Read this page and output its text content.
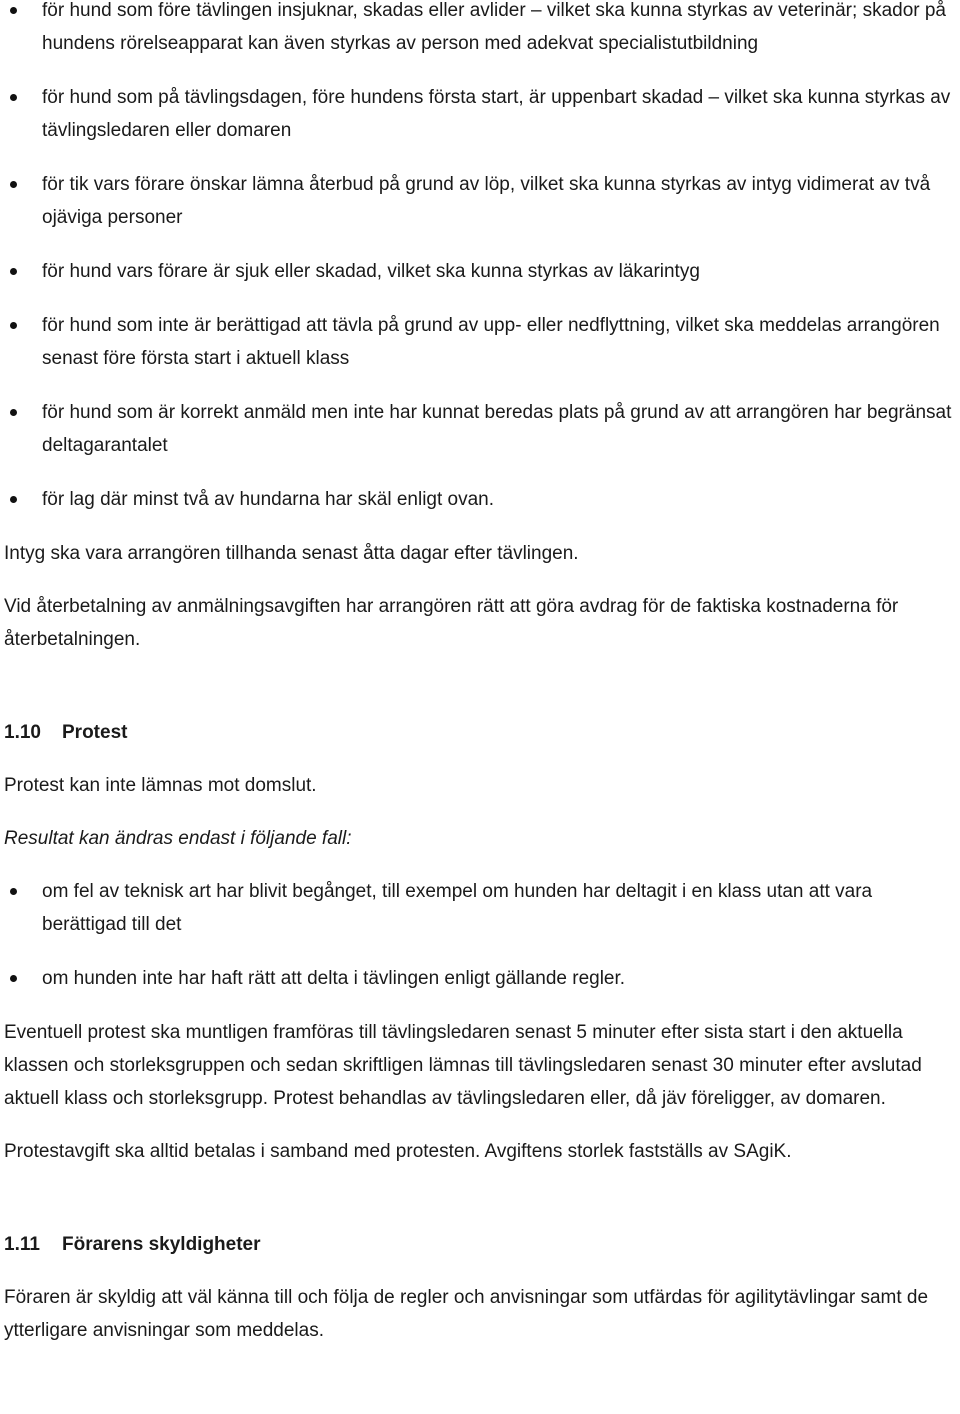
för hund som före tävlingen insjuknar, skadas eller avlider – vilket ska kunna styrkas av veterinär; skador på hundens rörelseapparat kan även styrkas av person med adekvat specialistutbildning
för hund som på tävlingsdagen, före hundens första start, är uppenbart skadad – vilket ska kunna styrkas av tävlingsledaren eller domaren
för tik vars förare önskar lämna återbud på grund av löp, vilket ska kunna styrkas av intyg vidimerat av två ojäviga personer
för hund vars förare är sjuk eller skadad, vilket ska kunna styrkas av läkarintyg
för hund som inte är berättigad att tävla på grund av upp- eller nedflyttning, vilket ska meddelas arrangören senast före första start i aktuell klass
för hund som är korrekt anmäld men inte har kunnat beredas plats på grund av att arrangören har begränsat deltagarantalet
för lag där minst två av hundarna har skäl enligt ovan.

Intyg ska vara arrangören tillhanda senast åtta dagar efter tävlingen.

Vid återbetalning av anmälningsavgiften har arrangören rätt att göra avdrag för de faktiska kostnaderna för återbetalningen.

1.10 Protest

Protest kan inte lämnas mot domslut.

Resultat kan ändras endast i följande fall:

om fel av teknisk art har blivit begånget, till exempel om hunden har deltagit i en klass utan att vara berättigad till det
om hunden inte har haft rätt att delta i tävlingen enligt gällande regler.

Eventuell protest ska muntligen framföras till tävlingsledaren senast 5 minuter efter sista start i den aktuella klassen och storleksgruppen och sedan skriftligen lämnas till tävlingsledaren senast 30 minuter efter avslutad aktuell klass och storleksgrupp. Protest behandlas av tävlingsledaren eller, då jäv föreligger, av domaren.

Protestavgift ska alltid betalas i samband med protesten. Avgiftens storlek fastställs av SAgiK.

1.11 Förarens skyldigheter

Föraren är skyldig att väl känna till och följa de regler och anvisningar som utfärdas för agilitytävlingar samt de ytterligare anvisningar som meddelas.
